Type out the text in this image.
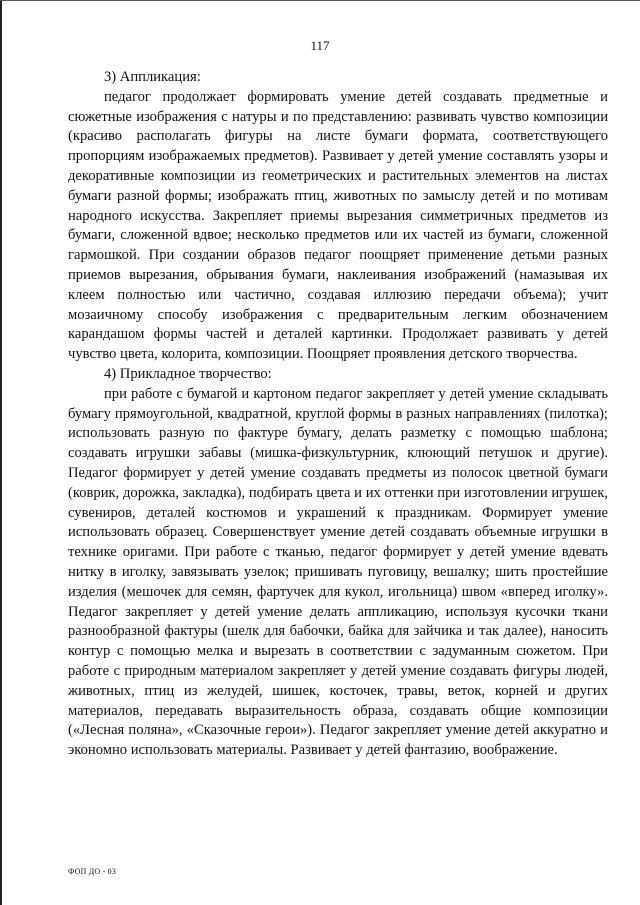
117

3) Аппликация:

педагог продолжает формировать умение детей создавать предметные и сюжетные изображения с натуры и по представлению: развивать чувство композиции (красиво располагать фигуры на листе бумаги формата, соответствующего пропорциям изображаемых предметов). Развивает у детей умение составлять узоры и декоративные композиции из геометрических и растительных элементов на листах бумаги разной формы; изображать птиц, животных по замыслу детей и по мотивам народного искусства. Закрепляет приемы вырезания симметричных предметов из бумаги, сложенной вдвое; несколько предметов или их частей из бумаги, сложенной гармошкой. При создании образов педагог поощряет применение детьми разных приемов вырезания, обрывания бумаги, наклеивания изображений (намазывая их клеем полностью или частично, создавая иллюзию передачи объема); учит мозаичному способу изображения с предварительным легким обозначением карандашом формы частей и деталей картинки. Продолжает развивать у детей чувство цвета, колорита, композиции. Поощряет проявления детского творчества.

4) Прикладное творчество:

при работе с бумагой и картоном педагог закрепляет у детей умение складывать бумагу прямоугольной, квадратной, круглой формы в разных направлениях (пилотка); использовать разную по фактуре бумагу, делать разметку с помощью шаблона; создавать игрушки забавы (мишка-физкультурник, клюющий петушок и другие). Педагог формирует у детей умение создавать предметы из полосок цветной бумаги (коврик, дорожка, закладка), подбирать цвета и их оттенки при изготовлении игрушек, сувениров, деталей костюмов и украшений к праздникам. Формирует умение использовать образец. Совершенствует умение детей создавать объемные игрушки в технике оригами. При работе с тканью, педагог формирует у детей умение вдевать нитку в иголку, завязывать узелок; пришивать пуговицу, вешалку; шить простейшие изделия (мешочек для семян, фартучек для кукол, игольница) швом «вперед иголку». Педагог закрепляет у детей умение делать аппликацию, используя кусочки ткани разнообразной фактуры (шелк для бабочки, байка для зайчика и так далее), наносить контур с помощью мелка и вырезать в соответствии с задуманным сюжетом. При работе с природным материалом закрепляет у детей умение создавать фигуры людей, животных, птиц из желудей, шишек, косточек, травы, веток, корней и других материалов, передавать выразительность образа, создавать общие композиции («Лесная поляна», «Сказочные герои»). Педагог закрепляет умение детей аккуратно и экономно использовать материалы. Развивает у детей фантазию, воображение.

ФОП ДО - 03
